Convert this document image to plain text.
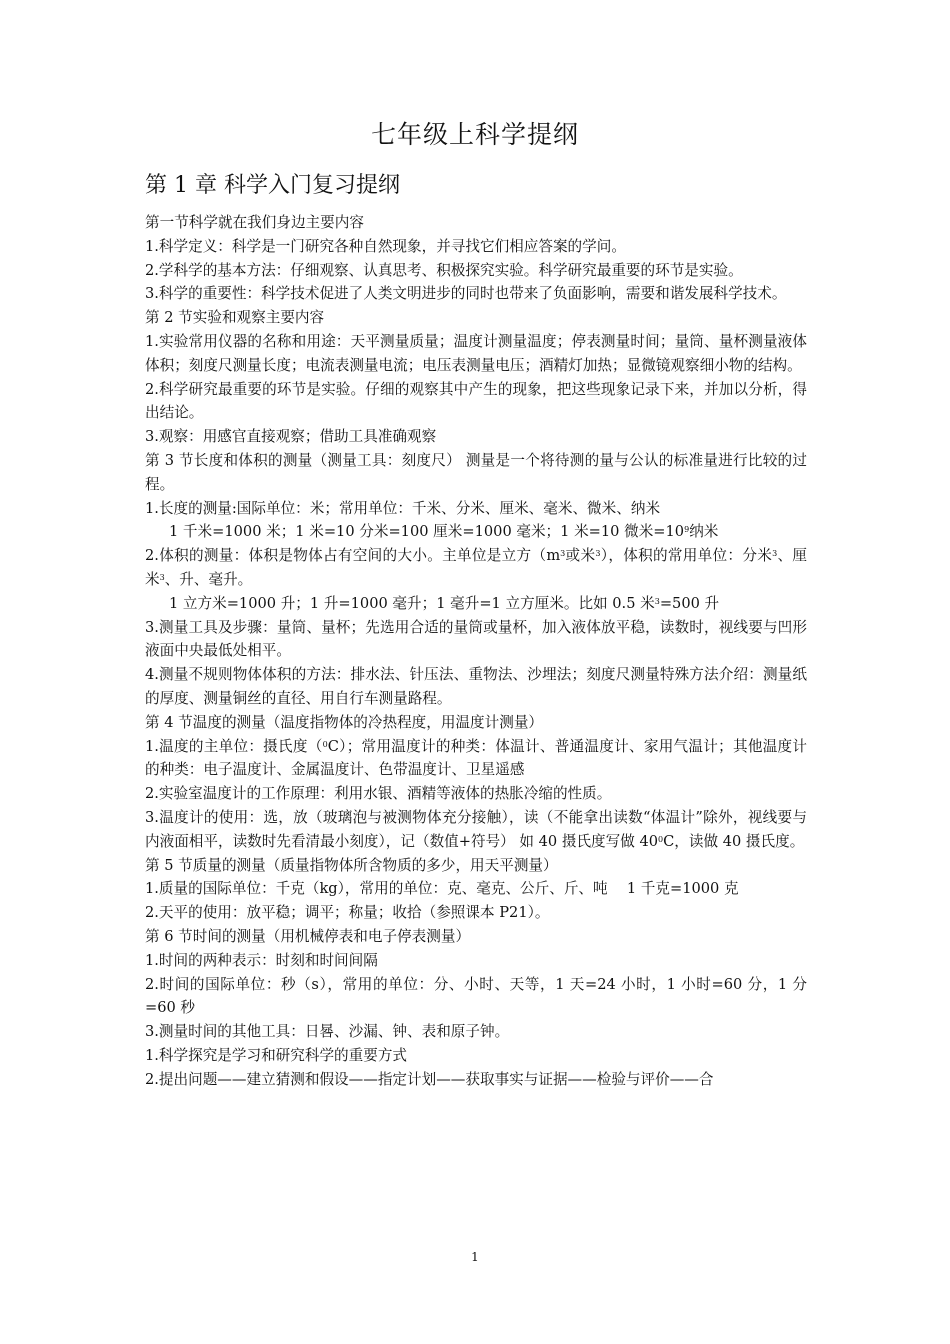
七年级上科学提纲
第 1 章 科学入门复习提纲

第一节科学就在我们身边主要内容

1.科学定义：科学是一门研究各种自然现象，并寻找它们相应答案的学问。

2.学科学的基本方法：仔细观察、认真思考、积极探究实验。科学研究最重要的环节是实验。

3.科学的重要性：科学技术促进了人类文明进步的同时也带来了负面影响，需要和谐发展科学技术。

第 2 节实验和观察主要内容

1.实验常用仪器的名称和用途：天平测量质量；温度计测量温度；停表测量时间；量筒、量杯测量液体体积；刻度尺测量长度；电流表测量电流；电压表测量电压；酒精灯加热；显微镜观察细小物的结构。

2.科学研究最重要的环节是实验。仔细的观察其中产生的现象，把这些现象记录下来，并加以分析，得出结论。

3.观察：用感官直接观察；借助工具准确观察

第 3 节长度和体积的测量（测量工具：刻度尺） 测量是一个将待测的量与公认的标准量进行比较的过程。

1.长度的测量:国际单位：米；常用单位：千米、分米、厘米、毫米、微米、纳米

1 千米=1000 米；1 米=10 分米=100 厘米=1000 毫米；1 米=10 微米$=10^9$纳米

2.体积的测量：体积是物体占有空间的大小。主单位是立方（$m^3$或米$^3$），体积的常用单位：分米$^3$、厘米$^3$、升、毫升。

1 立方米=1000 升；1 升=1000 毫升；1 毫升=1 立方厘米。比如 0.5 米$^3$=500 升

3.测量工具及步骤：量筒、量杯；先选用合适的量筒或量杯，加入液体放平稳，读数时，视线要与凹形液面中央最低处相平。

4.测量不规则物体体积的方法：排水法、针压法、重物法、沙埋法；刻度尺测量特殊方法介绍：测量纸的厚度、测量铜丝的直径、用自行车测量路程。

第 4 节温度的测量（温度指物体的冷热程度，用温度计测量）

1.温度的主单位：摄氏度（$^0$C）；常用温度计的种类：体温计、普通温度计、家用气温计；其他温度计的种类：电子温度计、金属温度计、色带温度计、卫星遥感

2.实验室温度计的工作原理：利用水银、酒精等液体的热胀冷缩的性质。

3.温度计的使用：选，放（玻璃泡与被测物体充分接触），读（不能拿出读数“体温计”除外，视线要与内液面相平，读数时先看清最小刻度），记（数值+符号） 如 40 摄氏度写做 $40^0C$，读做 40 摄氏度。

第 5 节质量的测量（质量指物体所含物质的多少，用天平测量）

1.质量的国际单位：千克（kg），常用的单位：克、毫克、公斤、斤、吨　 1 千克=1000 克

2.天平的使用：放平稳；调平；称量；收拾（参照课本 P21）。

第 6 节时间的测量（用机械停表和电子停表测量）

1.时间的两种表示：时刻和时间间隔

2.时间的国际单位：秒（s），常用的单位：分、小时、天等，1 天=24 小时，1 小时=60 分，1 分=60 秒

3.测量时间的其他工具：日晷、沙漏、钟、表和原子钟。

1.科学探究是学习和研究科学的重要方式

2.提出问题——建立猜测和假设——指定计划——获取事实与证据——检验与评价——合

1
